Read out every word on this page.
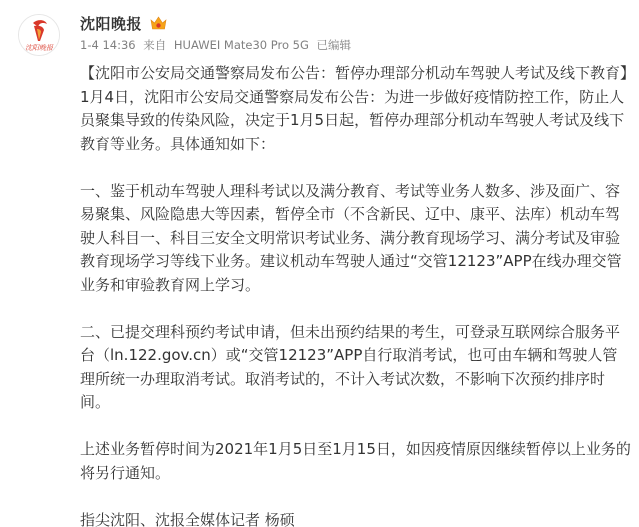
沈阳晚报
沈阳晚报
1-4 14:36 来自 HUAWEI Mate30 Pro 5G 已编辑

【沈阳市公安局交通警察局发布公告：暂停办理部分机动车驾驶人考试及线下教育】1月4日，沈阳市公安局交通警察局发布公告：为进一步做好疫情防控工作，防止人员聚集导致的传染风险，决定于1月5日起，暂停办理部分机动车驾驶人考试及线下教育等业务。具体通知如下：

一、鉴于机动车驾驶人理科考试以及满分教育、考试等业务人数多、涉及面广、容易聚集、风险隐患大等因素，暂停全市（不含新民、辽中、康平、法库）机动车驾驶人科目一、科目三安全文明常识考试业务、满分教育现场学习、满分考试及审验教育现场学习等线下业务。建议机动车驾驶人通过“交管12123”APP在线办理交管业务和审验教育网上学习。

二、已提交理科预约考试申请，但未出预约结果的考生，可登录互联网综合服务平台（ln.122.gov.cn）或“交管12123”APP自行取消考试，也可由车辆和驾驶人管理所统一办理取消考试。取消考试的，不计入考试次数，不影响下次预约排序时间。

上述业务暂停时间为2021年1月5日至1月15日，如因疫情原因继续暂停以上业务的将另行通知。

指尖沈阳、沈报全媒体记者 杨硕
